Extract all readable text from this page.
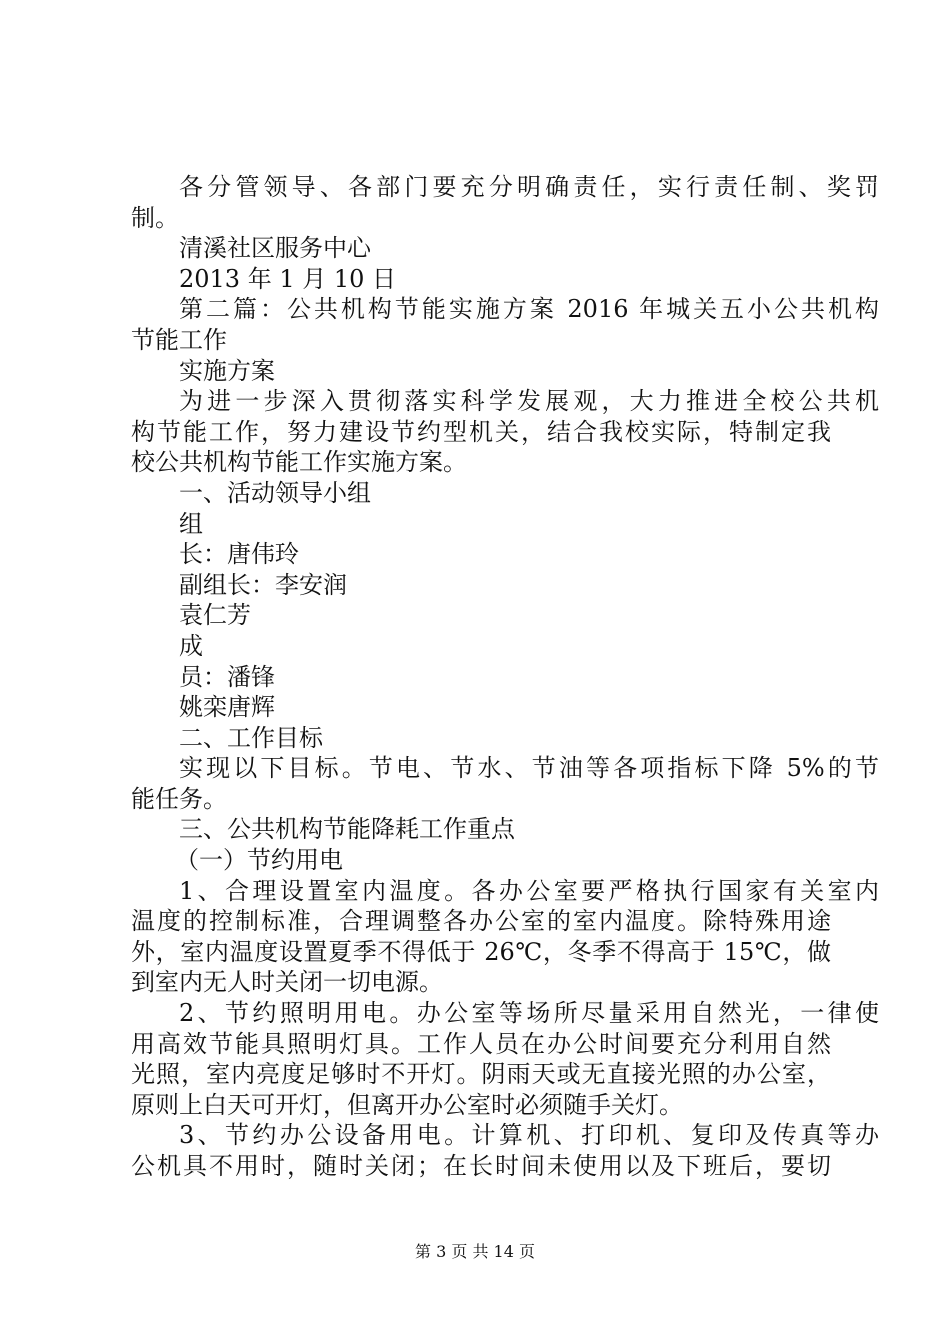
各分管领导、各部门要充分明确责任，实行责任制、奖罚
制。
清溪社区服务中心
2013 年 1 月 10 日
第二篇：公共机构节能实施方案 2016 年城关五小公共机构
节能工作
实施方案
为进一步深入贯彻落实科学发展观，大力推进全校公共机
构节能工作，努力建设节约型机关，结合我校实际，特制定我
校公共机构节能工作实施方案。
一、活动领导小组
组
长：唐伟玲
副组长：李安润
袁仁芳
成
员：潘锋
姚栾唐辉
二、工作目标
实现以下目标。节电、节水、节油等各项指标下降 5%的节
能任务。
三、公共机构节能降耗工作重点
（一）节约用电
1、合理设置室内温度。各办公室要严格执行国家有关室内
温度的控制标准，合理调整各办公室的室内温度。除特殊用途
外，室内温度设置夏季不得低于 26℃，冬季不得高于 15℃，做
到室内无人时关闭一切电源。
2、节约照明用电。办公室等场所尽量采用自然光，一律使
用高效节能具照明灯具。工作人员在办公时间要充分利用自然
光照，室内亮度足够时不开灯。阴雨天或无直接光照的办公室，
原则上白天可开灯，但离开办公室时必须随手关灯。
3、节约办公设备用电。计算机、打印机、复印及传真等办
公机具不用时，随时关闭；在长时间未使用以及下班后，要切
第 3 页 共 14 页
